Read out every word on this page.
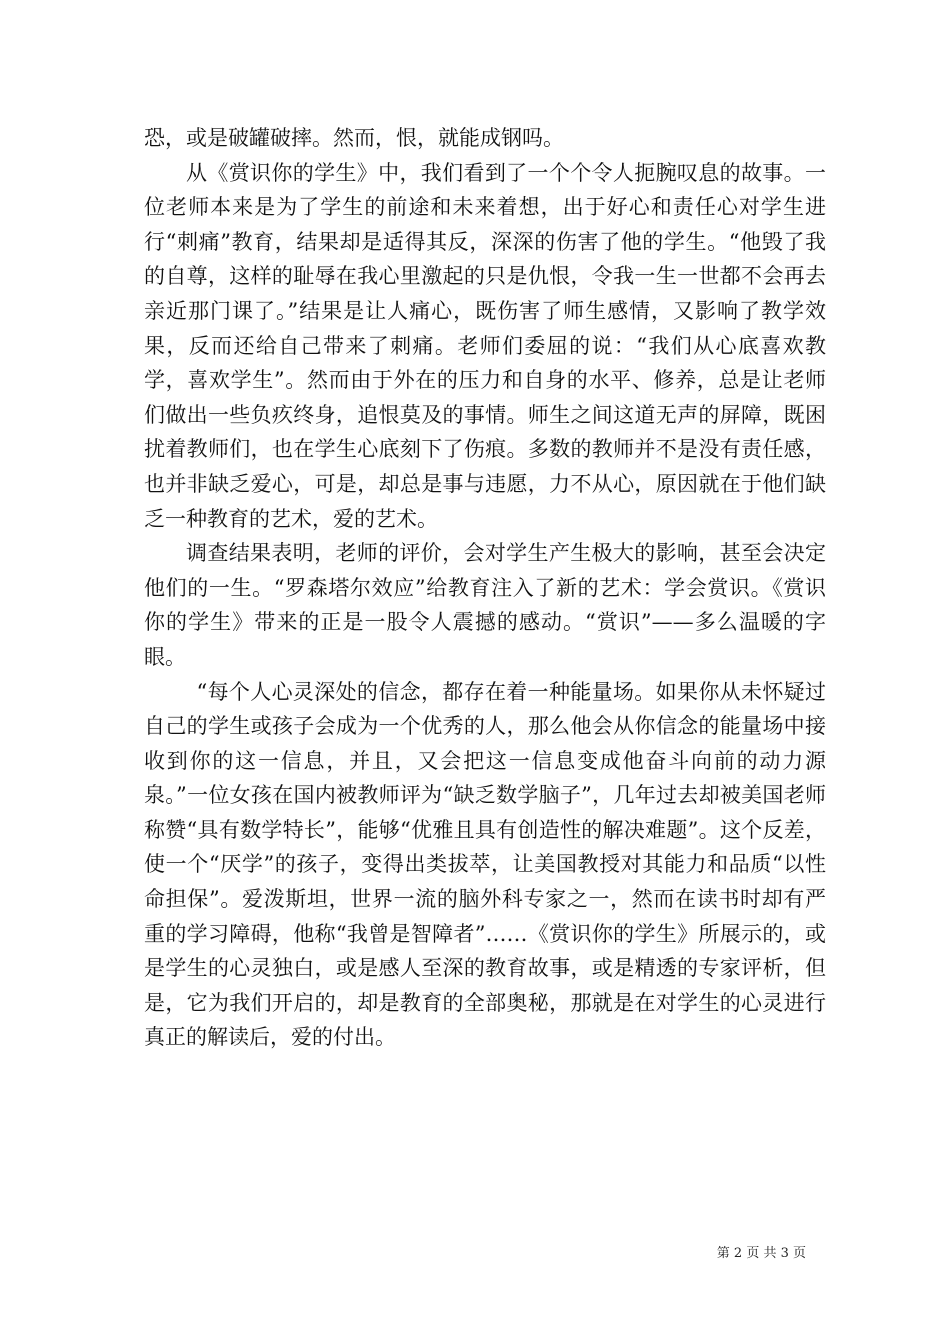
恐，或是破罐破摔。然而，恨，就能成钢吗。

从《赏识你的学生》中，我们看到了一个个令人扼腕叹息的故事。一位老师本来是为了学生的前途和未来着想，出于好心和责任心对学生进行“刺痛”教育，结果却是适得其反，深深的伤害了他的学生。“他毁了我的自尊，这样的耻辱在我心里激起的只是仇恨，令我一生一世都不会再去亲近那门课了。”结果是让人痛心，既伤害了师生感情，又影响了教学效果，反而还给自己带来了刺痛。老师们委屈的说：“我们从心底喜欢教学，喜欢学生”。然而由于外在的压力和自身的水平、修养，总是让老师们做出一些负疚终身，追恨莫及的事情。师生之间这道无声的屏障，既困扰着教师们，也在学生心底刻下了伤痕。多数的教师并不是没有责任感，也并非缺乏爱心，可是，却总是事与违愿，力不从心，原因就在于他们缺乏一种教育的艺术，爱的艺术。

调查结果表明，老师的评价，会对学生产生极大的影响，甚至会决定他们的一生。“罗森塔尔效应”给教育注入了新的艺术：学会赏识。《赏识你的学生》带来的正是一股令人震撼的感动。“赏识”——多么温暖的字眼。

“每个人心灵深处的信念，都存在着一种能量场。如果你从未怀疑过自己的学生或孩子会成为一个优秀的人，那么他会从你信念的能量场中接收到你的这一信息，并且，又会把这一信息变成他奋斗向前的动力源泉。”一位女孩在国内被教师评为“缺乏数学脑子”，几年过去却被美国老师称赞“具有数学特长”，能够“优雅且具有创造性的解决难题”。这个反差，使一个“厌学”的孩子，变得出类拔萃，让美国教授对其能力和品质“以性命担保”。爱泼斯坦，世界一流的脑外科专家之一，然而在读书时却有严重的学习障碍，他称“我曾是智障者”……《赏识你的学生》所展示的，或是学生的心灵独白，或是感人至深的教育故事，或是精透的专家评析，但是，它为我们开启的，却是教育的全部奥秘，那就是在对学生的心灵进行真正的解读后，爱的付出。

第 2 页 共 3 页
